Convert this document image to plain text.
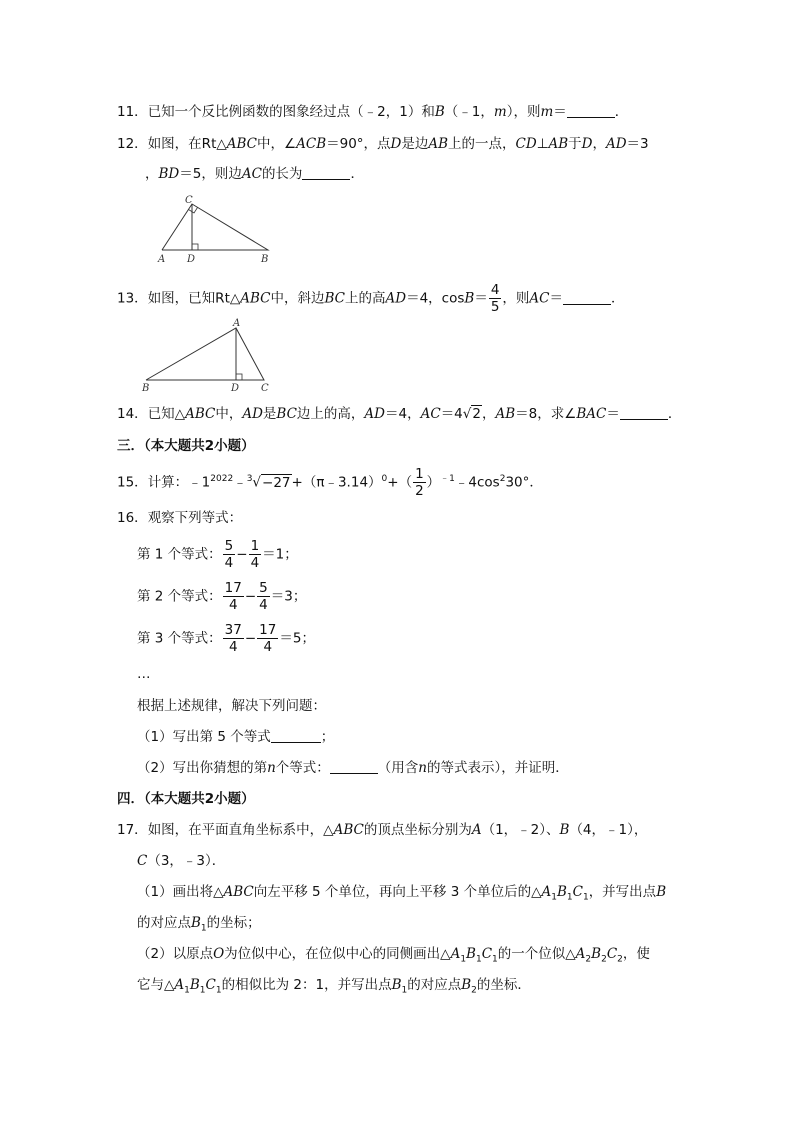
11．已知一个反比例函数的图象经过点（﹣2，1）和B（﹣1，m），则m＝	．
12．如图，在Rt△ABC中，∠ACB＝90°，点D是边AB上的一点，CD⊥AB于D，AD＝3
，BD＝5，则边AC的长为	．
C
A D	B
13．如图，已知Rt△ABC中，斜边BC上的高AD＝4，$\cos B= \frac{4}{5}$ ，则AC＝	．
A
B	D C
14．已知△ABC中，AD是BC边上的高，AD＝4，AC＝4√2，AB＝8，求∠BAC＝	．
三．（本大题共2小题）
15．计算：$﹣1^{2022}﹣^3√-27+(\pi﹣3.14)^0+( \frac{1}{2}$ ）$^{﹣1}﹣4\cos^230^\circ$．
16．观察下列等式：
第 1 个等式： $\frac{5}{4} - \frac{1}{4} =1$；
第 2 个等式： $\frac{17}{4} - \frac{5}{4} =3$；
第 3 个等式： $\frac{37}{4} - \frac{17}{4} =5$；
…
根据上述规律，解决下列问题：
（1）写出第 5 个等式	；
（2）写出你猜想的第n个等式：	（用含n的等式表示），并证明．
四．（本大题共2小题）
17．如图，在平面直角坐标系中，△ABC的顶点坐标分别为A（1，﹣2）、B（4，﹣1），
C（3，﹣3）．
（1）画出将△ABC向左平移 5 个单位，再向上平移 3 个单位后的$\triangle A_1B_1C_1$，并写出点B
的对应点$B_1$的坐标；
（2）以原点O为位似中心，在位似中心的同侧画出$\triangle A_1B_1C_1$的一个位似$\triangle A_2B_2C_2$，使
它与$\triangle A_1B_1C_1$的相似比为 2：1，并写出点$B_1$的对应点$B_2$的坐标．
